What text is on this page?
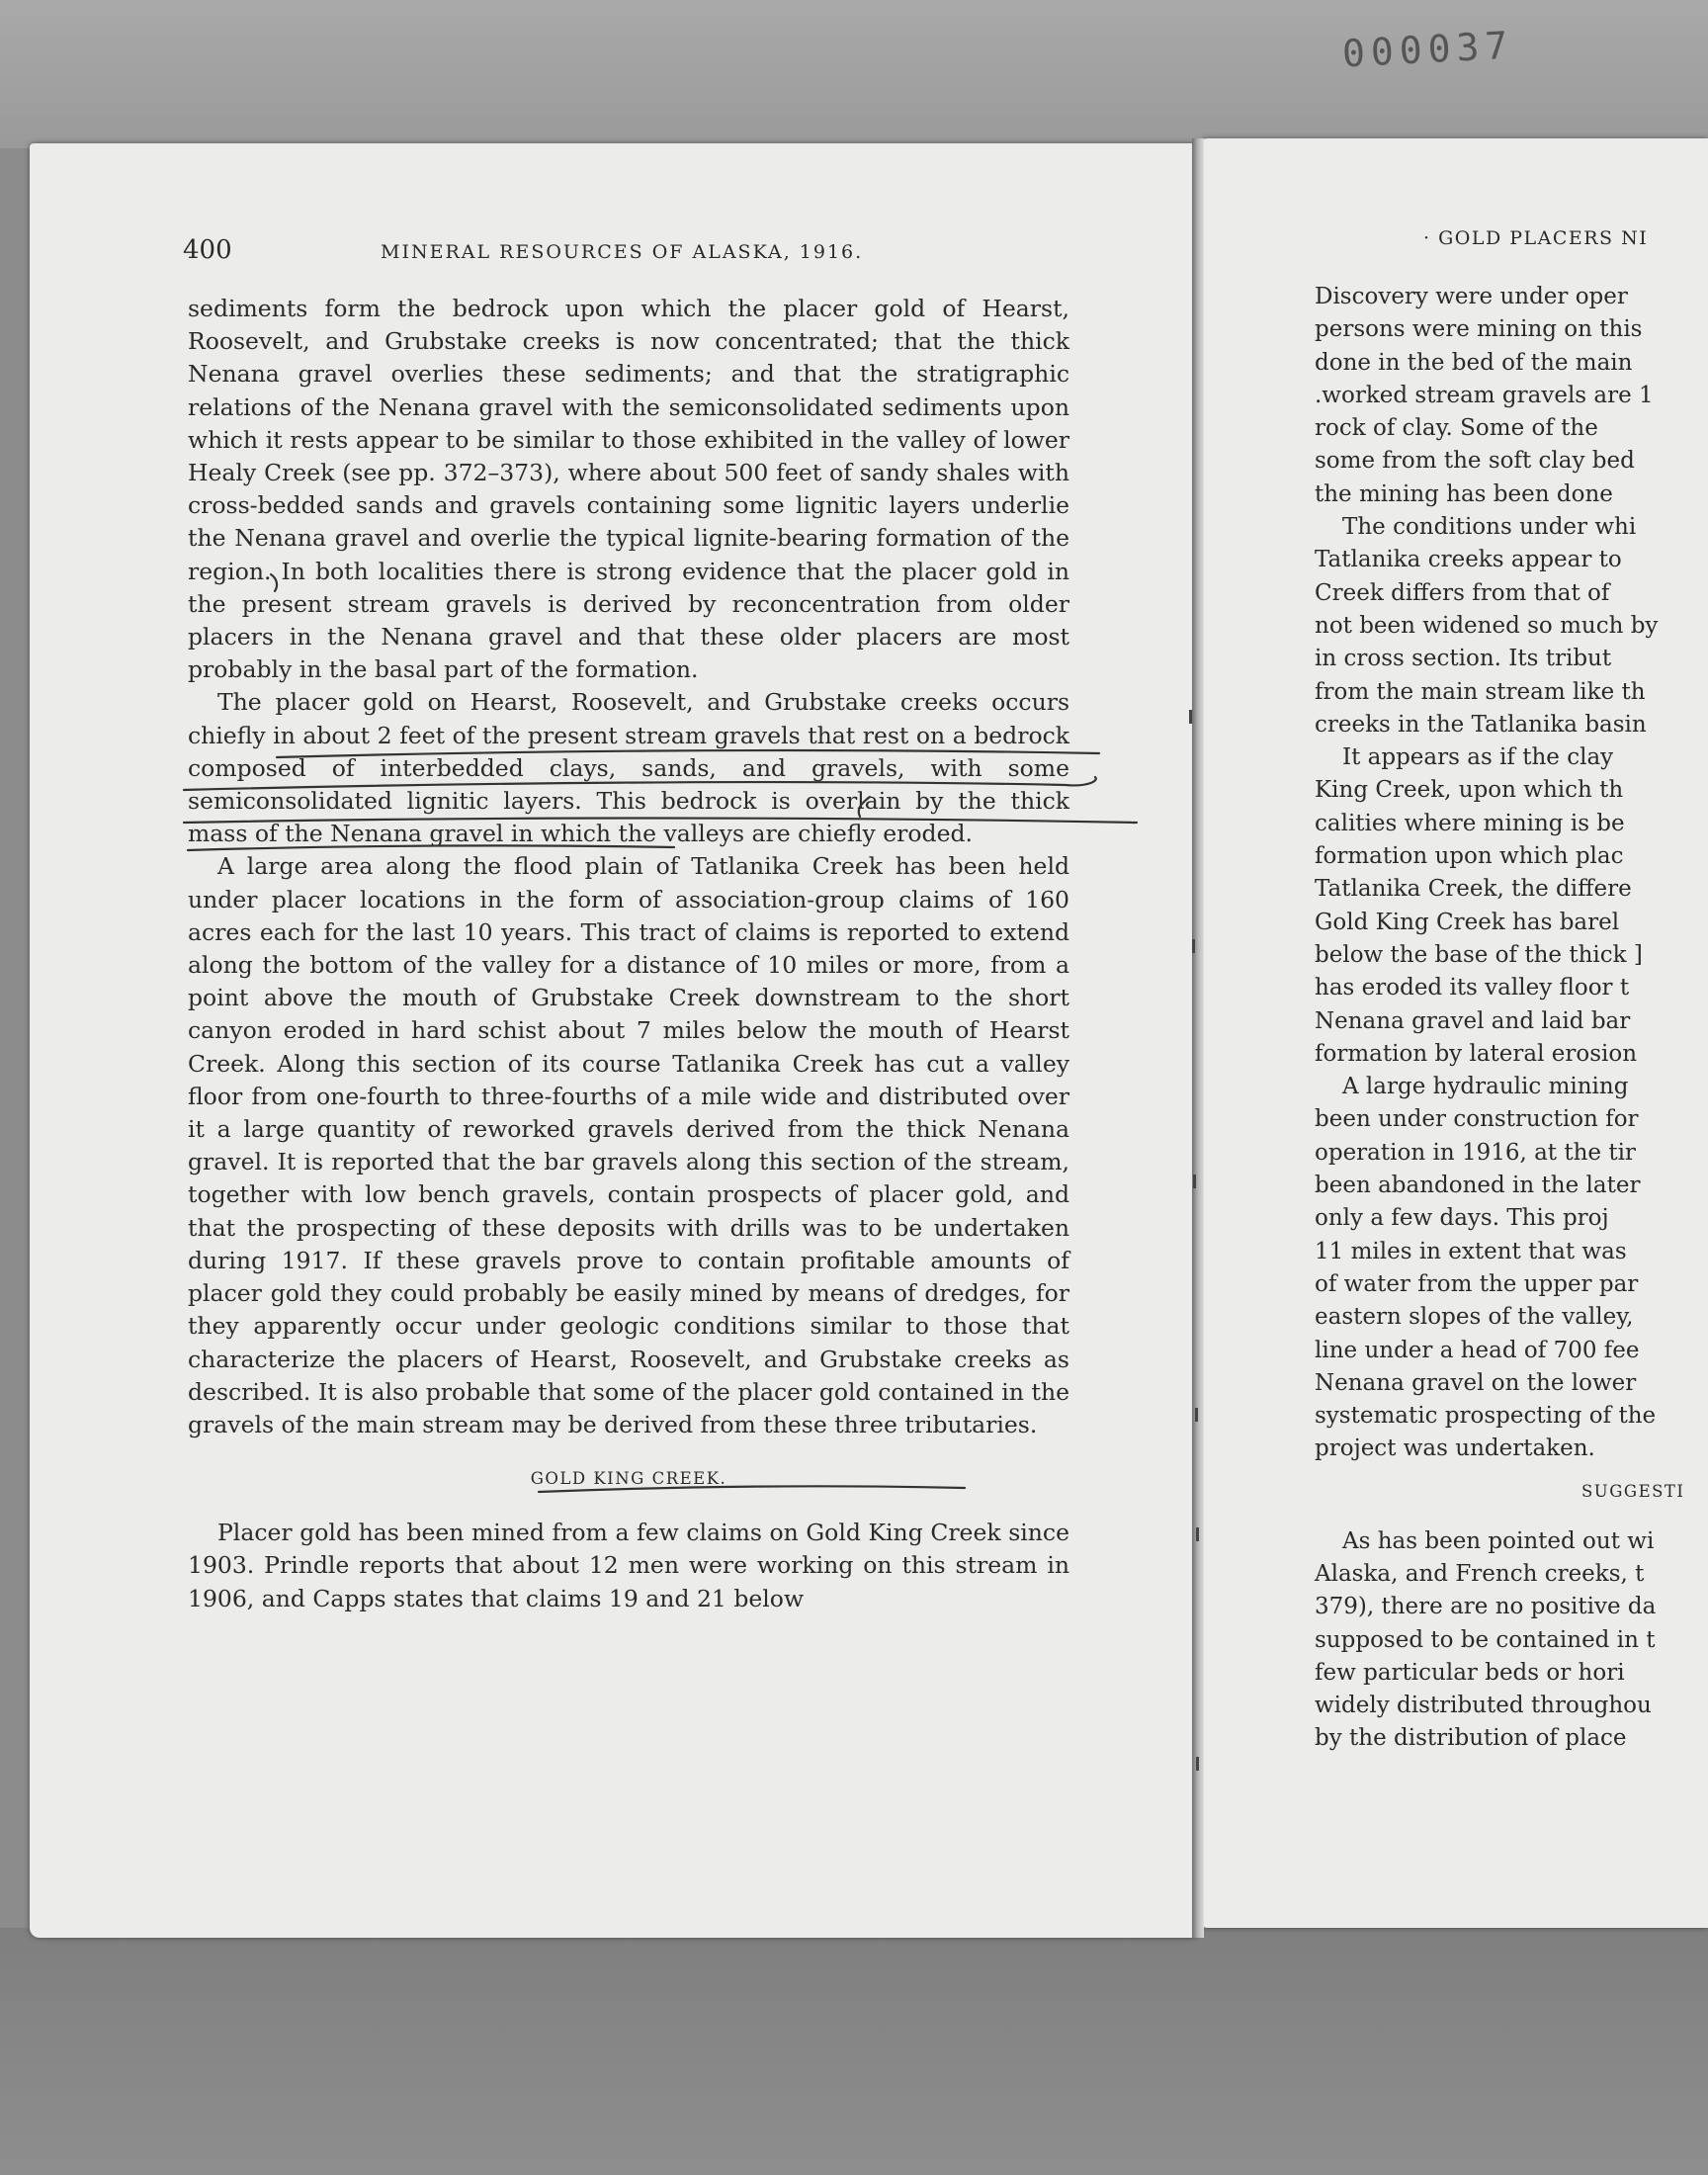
000037
400	MINERAL RESOURCES OF ALASKA, 1916.

sediments form the bedrock upon which the placer gold of Hearst, Roosevelt, and Grubstake creeks is now concentrated; that the thick Nenana gravel overlies these sediments; and that the stratigraphic relations of the Nenana gravel with the semiconsolidated sediments upon which it rests appear to be similar to those exhibited in the valley of lower Healy Creek (see pp. 372–373), where about 500 feet of sandy shales with cross-bedded sands and gravels containing some lignitic layers underlie the Nenana gravel and overlie the typical lignite-bearing formation of the region. In both localities there is strong evidence that the placer gold in the present stream gravels is derived by reconcentration from older placers in the Nenana gravel and that these older placers are most probably in the basal part of the formation.

The placer gold on Hearst, Roosevelt, and Grubstake creeks occurs chiefly in about 2 feet of the present stream gravels that rest on a bedrock composed of interbedded clays, sands, and gravels, with some semiconsolidated lignitic layers. This bedrock is overlain by the thick mass of the Nenana gravel in which the valleys are chiefly eroded.

A large area along the flood plain of Tatlanika Creek has been held under placer locations in the form of association-group claims of 160 acres each for the last 10 years. This tract of claims is reported to extend along the bottom of the valley for a distance of 10 miles or more, from a point above the mouth of Grubstake Creek downstream to the short canyon eroded in hard schist about 7 miles below the mouth of Hearst Creek. Along this section of its course Tatlanika Creek has cut a valley floor from one-fourth to three-fourths of a mile wide and distributed over it a large quantity of reworked gravels derived from the thick Nenana gravel. It is reported that the bar gravels along this section of the stream, together with low bench gravels, contain prospects of placer gold, and that the prospecting of these deposits with drills was to be undertaken during 1917. If these gravels prove to contain profitable amounts of placer gold they could probably be easily mined by means of dredges, for they apparently occur under geologic conditions similar to those that characterize the placers of Hearst, Roosevelt, and Grubstake creeks as described. It is also probable that some of the placer gold contained in the gravels of the main stream may be derived from these three tributaries.

GOLD KING CREEK.

Placer gold has been mined from a few claims on Gold King Creek since 1903. Prindle reports that about 12 men were working on this stream in 1906, and Capps states that claims 19 and 21 below

· GOLD PLACERS NI
Discovery were under oper
persons were mining on this
done in the bed of the main
.worked stream gravels are 1
rock of clay. Some of the
some from the soft clay bed
the mining has been done
The conditions under whi
Tatlanika creeks appear to
Creek differs from that of
not been widened so much by
in cross section. Its tribut
from the main stream like th
creeks in the Tatlanika basin
It appears as if the clay
King Creek, upon which th
calities where mining is be
formation upon which plac
Tatlanika Creek, the differe
Gold King Creek has barel
below the base of the thick ]
has eroded its valley floor t
Nenana gravel and laid bar
formation by lateral erosion
A large hydraulic mining
been under construction for
operation in 1916, at the tir
been abandoned in the later
only a few days. This proj
11 miles in extent that was
of water from the upper par
eastern slopes of the valley,
line under a head of 700 fee
Nenana gravel on the lower
systematic prospecting of the
project was undertaken.
SUGGESTI
As has been pointed out wi
Alaska, and French creeks, t
379), there are no positive da
supposed to be contained in t
few particular beds or hori
widely distributed throughou
by the distribution of place
